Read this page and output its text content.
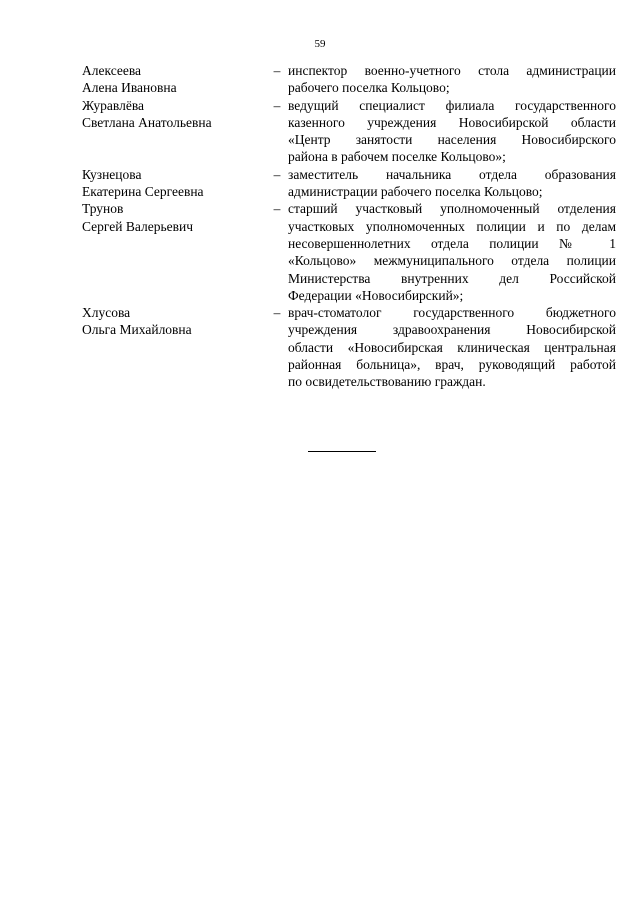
59
Алексеева
Алена Ивановна
– инспектор военно-учетного стола администрации
рабочего поселка Кольцово;
Журавлёва
Светлана Анатольевна
– ведущий специалист филиала государственного
казенного учреждения Новосибирской области
«Центр занятости населения Новосибирского
района в рабочем поселке Кольцово»;
Кузнецова
Екатерина Сергеевна
– заместитель начальника отдела образования
администрации рабочего поселка Кольцово;
Трунов
Сергей Валерьевич
– старший участковый уполномоченный отделения
участковых уполномоченных полиции и по делам
несовершеннолетних отдела полиции № 1
«Кольцово» межмуниципального отдела полиции
Министерства внутренних дел Российской
Федерации «Новосибирский»;
Хлусова
Ольга Михайловна
– врач-стоматолог государственного бюджетного
учреждения здравоохранения Новосибирской
области «Новосибирская клиническая центральная
районная больница», врач, руководящий работой
по освидетельствованию граждан.
